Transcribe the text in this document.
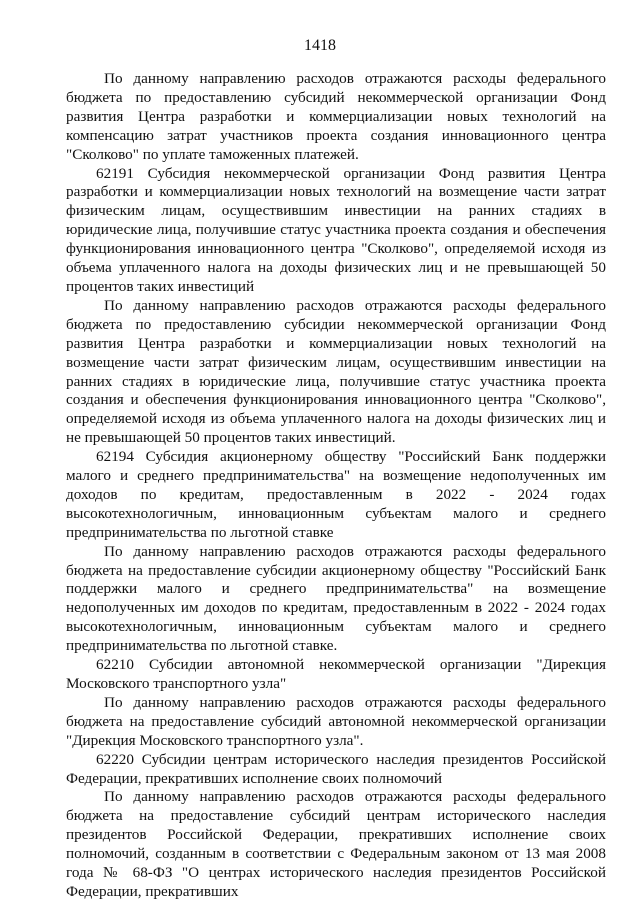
1418

По данному направлению расходов отражаются расходы федерального бюджета по предоставлению субсидий некоммерческой организации Фонд развития Центра разработки и коммерциализации новых технологий на компенсацию затрат участников проекта создания инновационного центра "Сколково" по уплате таможенных платежей.

62191 Субсидия некоммерческой организации Фонд развития Центра разработки и коммерциализации новых технологий на возмещение части затрат физическим лицам, осуществившим инвестиции на ранних стадиях в юридические лица, получившие статус участника проекта создания и обеспечения функционирования инновационного центра "Сколково", определяемой исходя из объема уплаченного налога на доходы физических лиц и не превышающей 50 процентов таких инвестиций

По данному направлению расходов отражаются расходы федерального бюджета по предоставлению субсидии некоммерческой организации Фонд развития Центра разработки и коммерциализации новых технологий на возмещение части затрат физическим лицам, осуществившим инвестиции на ранних стадиях в юридические лица, получившие статус участника проекта создания и обеспечения функционирования инновационного центра "Сколково", определяемой исходя из объема уплаченного налога на доходы физических лиц и не превышающей 50 процентов таких инвестиций.

62194 Субсидия акционерному обществу "Российский Банк поддержки малого и среднего предпринимательства" на возмещение недополученных им доходов по кредитам, предоставленным в 2022 - 2024 годах высокотехнологичным, инновационным субъектам малого и среднего предпринимательства по льготной ставке

По данному направлению расходов отражаются расходы федерального бюджета на предоставление субсидии акционерному обществу "Российский Банк поддержки малого и среднего предпринимательства" на возмещение недополученных им доходов по кредитам, предоставленным в 2022 - 2024 годах высокотехнологичным, инновационным субъектам малого и среднего предпринимательства по льготной ставке.

62210 Субсидии автономной некоммерческой организации "Дирекция Московского транспортного узла"

По данному направлению расходов отражаются расходы федерального бюджета на предоставление субсидий автономной некоммерческой организации "Дирекция Московского транспортного узла".

62220 Субсидии центрам исторического наследия президентов Российской Федерации, прекративших исполнение своих полномочий

По данному направлению расходов отражаются расходы федерального бюджета на предоставление субсидий центрам исторического наследия президентов Российской Федерации, прекративших исполнение своих полномочий, созданным в соответствии с Федеральным законом от 13 мая 2008 года № 68-ФЗ "О центрах исторического наследия президентов Российской Федерации, прекративших
